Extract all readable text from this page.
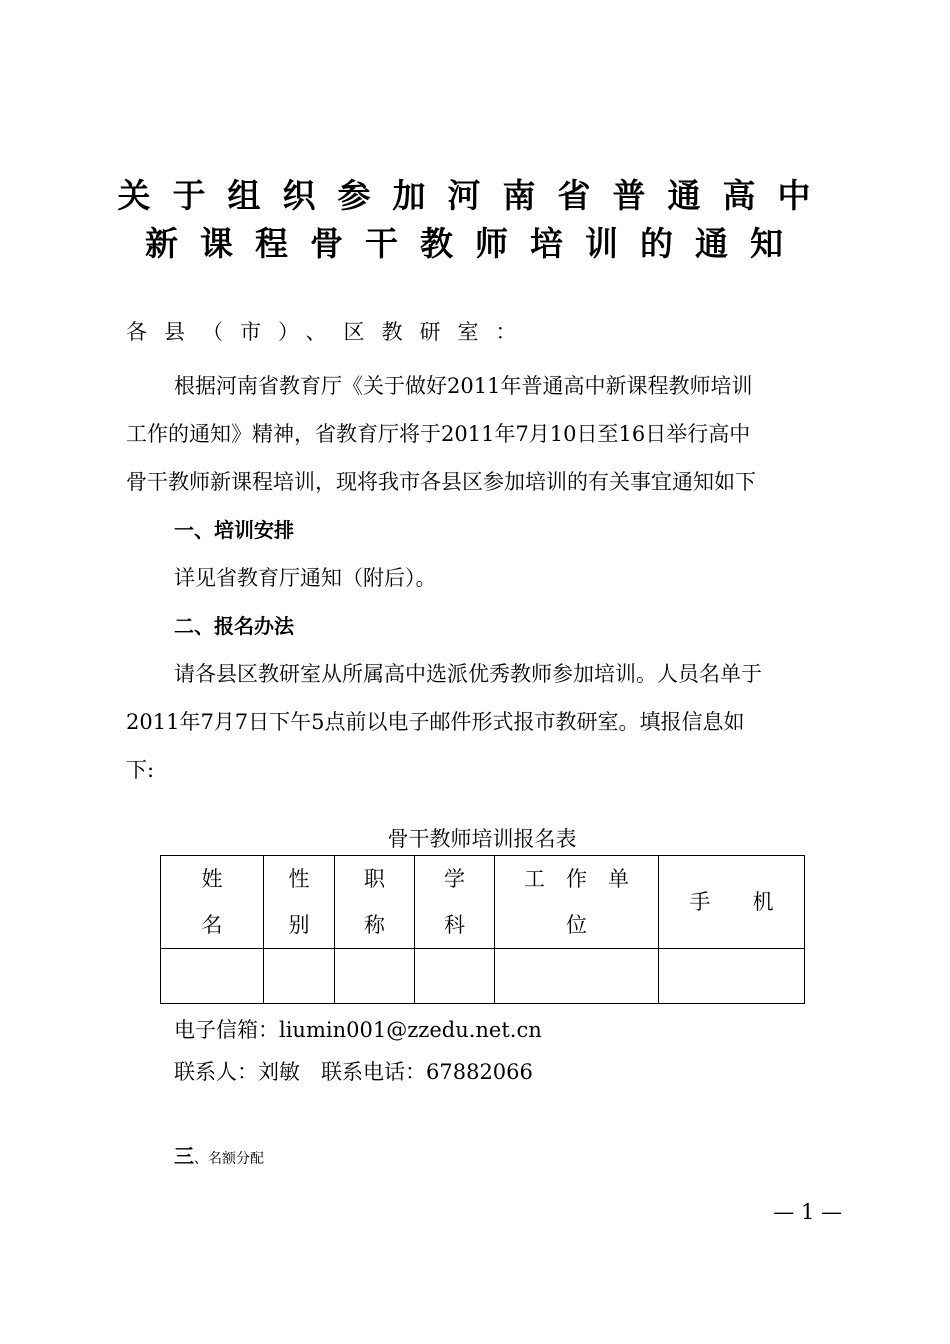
关于组织参加河南省普通高中
新课程骨干教师培训的通知
各县（市）、区教研室：
根据河南省教育厅《关于做好2011年普通高中新课程教师培训
工作的通知》精神，省教育厅将于2011年7月10日至16日举行高中
骨干教师新课程培训，现将我市各县区参加培训的有关事宜通知如下
一、培训安排
详见省教育厅通知（附后）。
二、报名办法
请各县区教研室从所属高中选派优秀教师参加培训。人员名单于
2011年7月7日下午5点前以电子邮件形式报市教研室。填报信息如
下:
骨干教师培训报名表
姓
名	性
别	职
称	学
科	工　作　单
位	手　　机

电子信箱：liumin001@zzedu.net.cn
联系人：刘敏　联系电话：67882066
三、名额分配
— 1 —
